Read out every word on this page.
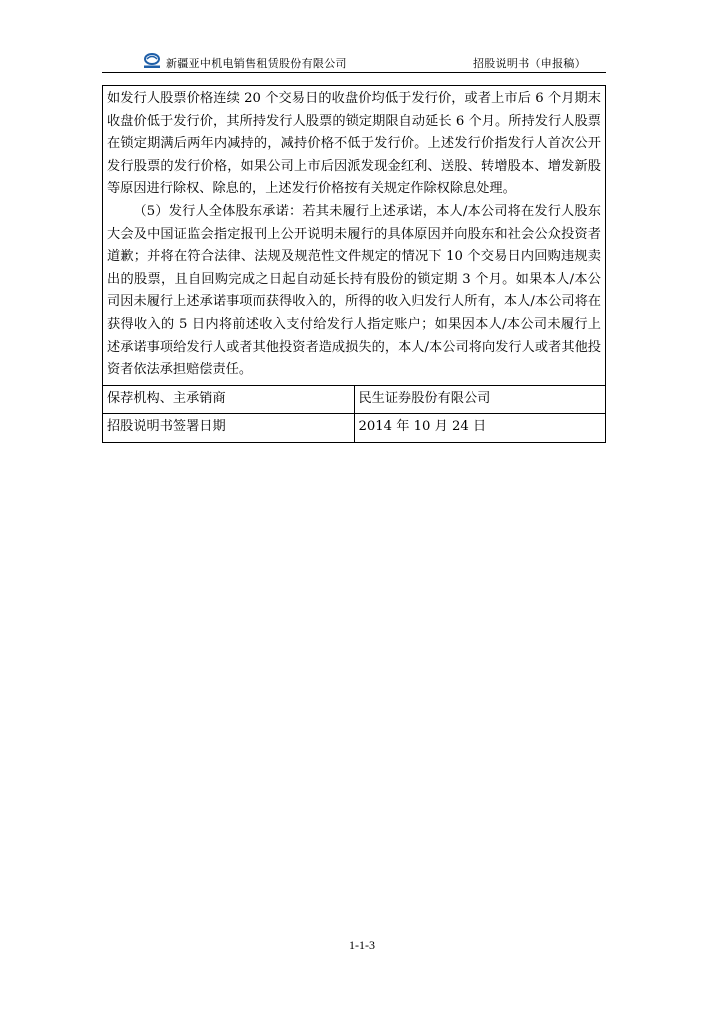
新疆亚中机电销售租赁股份有限公司	招股说明书（申报稿）

如发行人股票价格连续 20 个交易日的收盘价均低于发行价，或者上市后 6 个月期末收盘价低于发行价，其所持发行人股票的锁定期限自动延长 6 个月。所持发行人股票在锁定期满后两年内减持的，减持价格不低于发行价。上述发行价指发行人首次公开发行股票的发行价格，如果公司上市后因派发现金红利、送股、转增股本、增发新股等原因进行除权、除息的，上述发行价格按有关规定作除权除息处理。

（5）发行人全体股东承诺：若其未履行上述承诺，本人/本公司将在发行人股东大会及中国证监会指定报刊上公开说明未履行的具体原因并向股东和社会公众投资者道歉；并将在符合法律、法规及规范性文件规定的情况下 10 个交易日内回购违规卖出的股票，且自回购完成之日起自动延长持有股份的锁定期 3 个月。如果本人/本公司因未履行上述承诺事项而获得收入的，所得的收入归发行人所有，本人/本公司将在获得收入的 5 日内将前述收入支付给发行人指定账户；如果因本人/本公司未履行上述承诺事项给发行人或者其他投资者造成损失的，本人/本公司将向发行人或者其他投资者依法承担赔偿责任。	

保荐机构、主承销商	民生证券股份有限公司
招股说明书签署日期	2014 年 10 月 24 日
1-1-3
